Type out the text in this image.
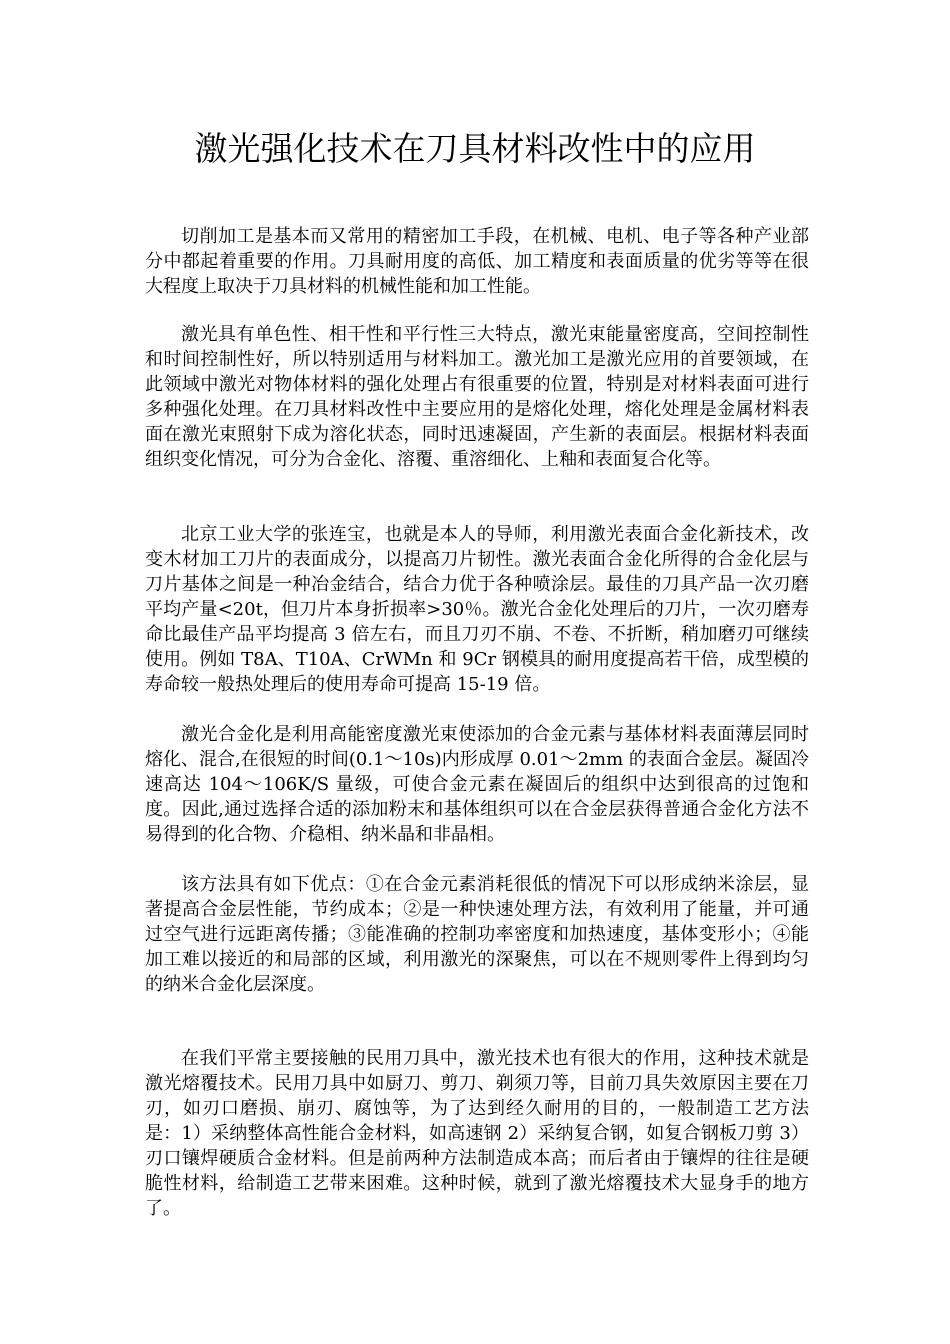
激光强化技术在刀具材料改性中的应用

切削加工是基本而又常用的精密加工手段，在机械、电机、电子等各种产业部分中都起着重要的作用。刀具耐用度的高低、加工精度和表面质量的优劣等等在很大程度上取决于刀具材料的机械性能和加工性能。

激光具有单色性、相干性和平行性三大特点，激光束能量密度高，空间控制性和时间控制性好，所以特别适用与材料加工。激光加工是激光应用的首要领域，在此领域中激光对物体材料的强化处理占有很重要的位置，特别是对材料表面可进行多种强化处理。在刀具材料改性中主要应用的是熔化处理，熔化处理是金属材料表面在激光束照射下成为溶化状态，同时迅速凝固，产生新的表面层。根据材料表面组织变化情况，可分为合金化、溶覆、重溶细化、上釉和表面复合化等。

北京工业大学的张连宝，也就是本人的导师，利用激光表面合金化新技术，改变木材加工刀片的表面成分，以提高刀片韧性。激光表面合金化所得的合金化层与刀片基体之间是一种冶金结合，结合力优于各种喷涂层。最佳的刀具产品一次刃磨平均产量<20t，但刀片本身折损率>30％。激光合金化处理后的刀片，一次刃磨寿命比最佳产品平均提高 3 倍左右，而且刀刃不崩、不卷、不折断，稍加磨刃可继续使用。例如 T8A、T10A、CrWMn 和 9Cr 钢模具的耐用度提高若干倍，成型模的寿命较一般热处理后的使用寿命可提高 15-19 倍。

激光合金化是利用高能密度激光束使添加的合金元素与基体材料表面薄层同时熔化、混合,在很短的时间(0.1～10s)内形成厚 0.01～2mm 的表面合金层。凝固冷速高达 104～106K/S 量级，可使合金元素在凝固后的组织中达到很高的过饱和度。因此,通过选择合适的添加粉末和基体组织可以在合金层获得普通合金化方法不易得到的化合物、介稳相、纳米晶和非晶相。

该方法具有如下优点：①在合金元素消耗很低的情况下可以形成纳米涂层，显著提高合金层性能，节约成本；②是一种快速处理方法，有效利用了能量，并可通过空气进行远距离传播；③能准确的控制功率密度和加热速度，基体变形小；④能加工难以接近的和局部的区域，利用激光的深聚焦，可以在不规则零件上得到均匀的纳米合金化层深度。

在我们平常主要接触的民用刀具中，激光技术也有很大的作用，这种技术就是激光熔覆技术。民用刀具中如厨刀、剪刀、剃须刀等，目前刀具失效原因主要在刀刃，如刃口磨损、崩刃、腐蚀等，为了达到经久耐用的目的，一般制造工艺方法是：1）采纳整体高性能合金材料，如高速钢 2）采纳复合钢，如复合钢板刀剪 3）刃口镶焊硬质合金材料。但是前两种方法制造成本高；而后者由于镶焊的往往是硬脆性材料，给制造工艺带来困难。这种时候，就到了激光熔覆技术大显身手的地方了。
